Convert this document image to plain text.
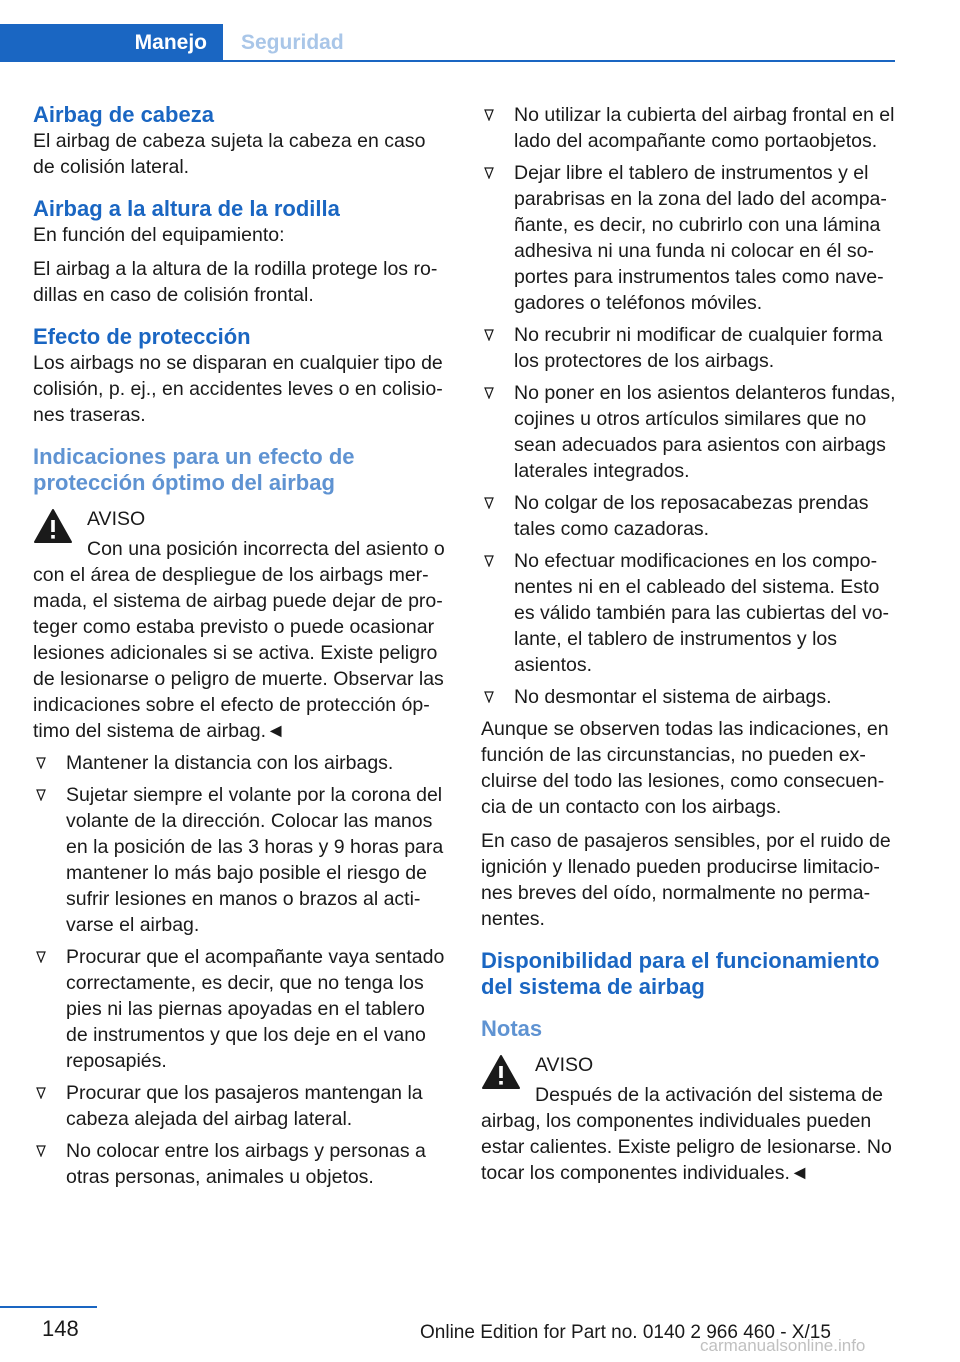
Manejo Seguridad
Airbag de cabeza

El airbag de cabeza sujeta la cabeza en caso de colisión lateral.

Airbag a la altura de la rodilla

En función del equipamiento:

El airbag a la altura de la rodilla protege los rodillas en caso de colisión frontal.

Efecto de protección

Los airbags no se disparan en cualquier tipo de colisión, p. ej., en accidentes leves o en colisiones traseras.

Indicaciones para un efecto de protección óptimo del airbag
AVISO
Con una posición incorrecta del asiento o

con el área de despliegue de los airbags mermada, el sistema de airbag puede dejar de proteger como estaba previsto o puede ocasionar lesiones adicionales si se activa. Existe peligro de lesionarse o peligro de muerte. Observar las indicaciones sobre el efecto de protección óptimo del sistema de airbag.◄

Mantener la distancia con los airbags.
Sujetar siempre el volante por la corona del volante de la dirección. Colocar las manos en la posición de las 3 horas y 9 horas para mantener lo más bajo posible el riesgo de sufrir lesiones en manos o brazos al activarse el airbag.
Procurar que el acompañante vaya sentado correctamente, es decir, que no tenga los pies ni las piernas apoyadas en el tablero de instrumentos y que los deje en el vano reposapiés.
Procurar que los pasajeros mantengan la cabeza alejada del airbag lateral.
No colocar entre los airbags y personas a otras personas, animales u objetos.
No utilizar la cubierta del airbag frontal en el lado del acompañante como portaobjetos.
Dejar libre el tablero de instrumentos y el parabrisas en la zona del lado del acompañante, es decir, no cubrirlo con una lámina adhesiva ni una funda ni colocar en él soportes para instrumentos tales como navegadores o teléfonos móviles.
No recubrir ni modificar de cualquier forma los protectores de los airbags.
No poner en los asientos delanteros fundas, cojines u otros artículos similares que no sean adecuados para asientos con airbags laterales integrados.
No colgar de los reposacabezas prendas tales como cazadoras.
No efectuar modificaciones en los componentes ni en el cableado del sistema. Esto es válido también para las cubiertas del volante, el tablero de instrumentos y los asientos.
No desmontar el sistema de airbags.

Aunque se observen todas las indicaciones, en función de las circunstancias, no pueden excluirse del todo las lesiones, como consecuencia de un contacto con los airbags.

En caso de pasajeros sensibles, por el ruido de ignición y llenado pueden producirse limitaciones breves del oído, normalmente no permanentes.

Disponibilidad para el funcionamiento del sistema de airbag
Notas
AVISO
Después de la activación del sistema de

airbag, los componentes individuales pueden estar calientes. Existe peligro de lesionarse. No tocar los componentes individuales.◄

148	Online Edition for Part no. 0140 2 966 460 - X/15
carmanualsonline.info
